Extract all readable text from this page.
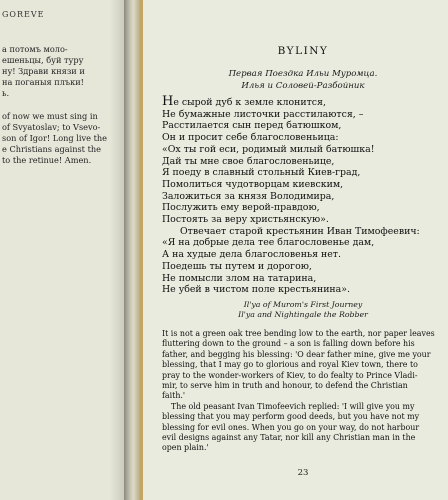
GOREVE
а потомъ моло-
ешеньцы, буй туру
ну! Здрави князи и
на поганыя плъки!
ь.
of now we must sing in
of Svyatoslav; to Vsevo-
son of Igor! Long live the
e Christians against the
to the retinue! Amen.
BYLINY
Первая Поездка Ильи Муромца.
Илья и Соловей-Разбойник
Не сырой дуб к земле клонится,
Не бумажные листочки расстилаются, –
Расстилается сын перед батюшком,
Он и просит себе благословеньица:
«Ох ты гой еси, родимый милый батюшка!
Дай ты мне свое благословеньице,
Я поеду в славный стольный Киев-град,
Помолиться чудотворцам киевским,
Заложиться за князя Володимира,
Послужить ему верой-правдою,
Постоять за веру христьянскую».
Отвечает старой крестьянин Иван Тимофеевич:
«Я на добрые дела тее благословенье дам,
А на худые дела благословенья нет.
Поедешь ты путем и дорогою,
Не помысли злом на татарина,
Не убей в чистом поле крестьянина».
Il'ya of Murom's First Journey
Il'ya and Nightingale the Robber
It is not a green oak tree bending low to the earth, nor paper leaves
fluttering down to the ground – a son is falling down before his
father, and begging his blessing: 'O dear father mine, give me your
blessing, that I may go to glorious and royal Kiev town, there to
pray to the wonder-workers of Kiev, to do fealty to Prince Vladi-
mir, to serve him in truth and honour, to defend the Christian
faith.'
The old peasant Ivan Timofeevich replied: 'I will give you my
blessing that you may perform good deeds, but you have not my
blessing for evil ones. When you go on your way, do not harbour
evil designs against any Tatar, nor kill any Christian man in the
open plain.'
23
